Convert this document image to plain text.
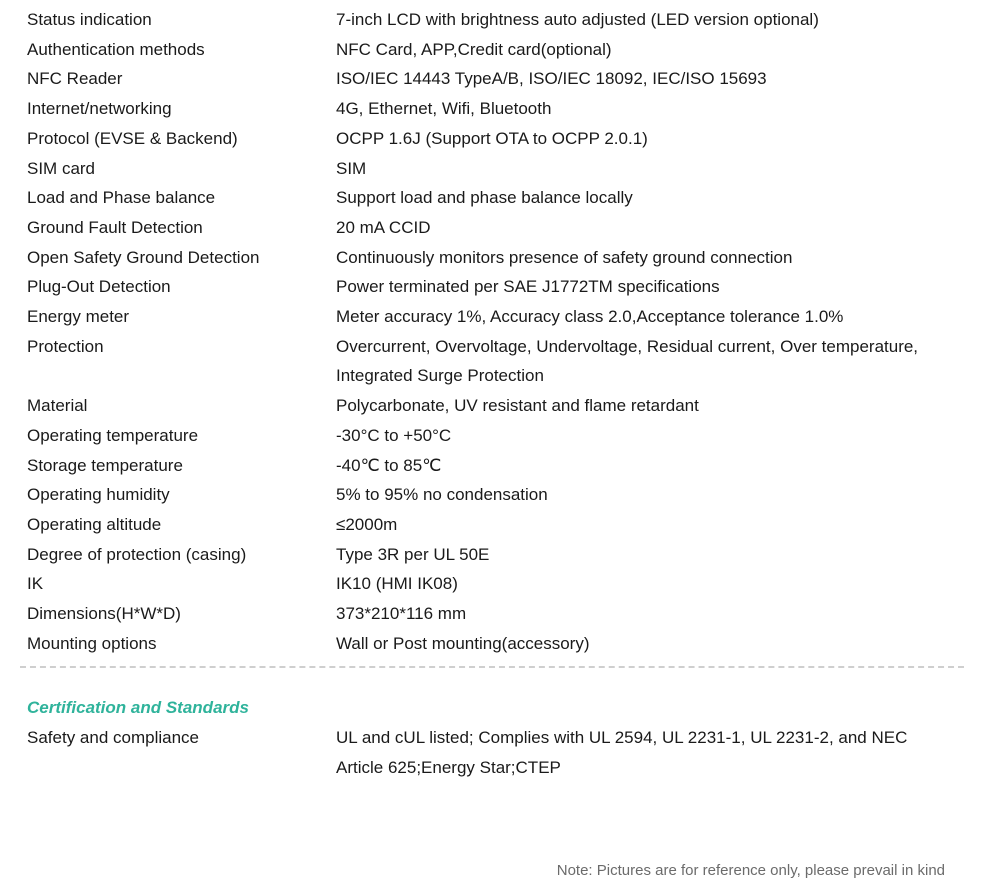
Status indication	7-inch LCD with brightness auto adjusted (LED version optional)
Authentication methods	NFC Card, APP,Credit card(optional)
NFC Reader	ISO/IEC 14443 TypeA/B, ISO/IEC 18092, IEC/ISO 15693
Internet/networking	4G, Ethernet, Wifi, Bluetooth
Protocol (EVSE & Backend)	OCPP 1.6J (Support OTA to OCPP 2.0.1)
SIM card	SIM
Load and Phase balance	Support load and phase balance locally
Ground Fault Detection	20 mA CCID
Open Safety Ground Detection	Continuously monitors presence of safety ground connection
Plug-Out Detection	Power terminated per SAE J1772TM specifications
Energy meter	Meter accuracy 1%, Accuracy class 2.0,Acceptance tolerance 1.0%
Protection	Overcurrent, Overvoltage, Undervoltage, Residual current, Over temperature,
Integrated Surge Protection
Material	Polycarbonate, UV resistant and flame retardant
Operating temperature	-30°C to +50°C
Storage temperature	-40℃ to 85℃
Operating humidity	5% to 95% no condensation
Operating altitude	≤2000m
Degree of protection (casing)	Type 3R per UL 50E
IK	IK10 (HMI IK08)
Dimensions(H*W*D)	373*210*116 mm
Mounting options	Wall or Post mounting(accessory)
Certification and Standards
Safety and compliance	UL and cUL listed; Complies with UL 2594, UL 2231-1, UL 2231-2, and NEC Article 625;Energy Star;CTEP
Note: Pictures are for reference only, please prevail in kind
